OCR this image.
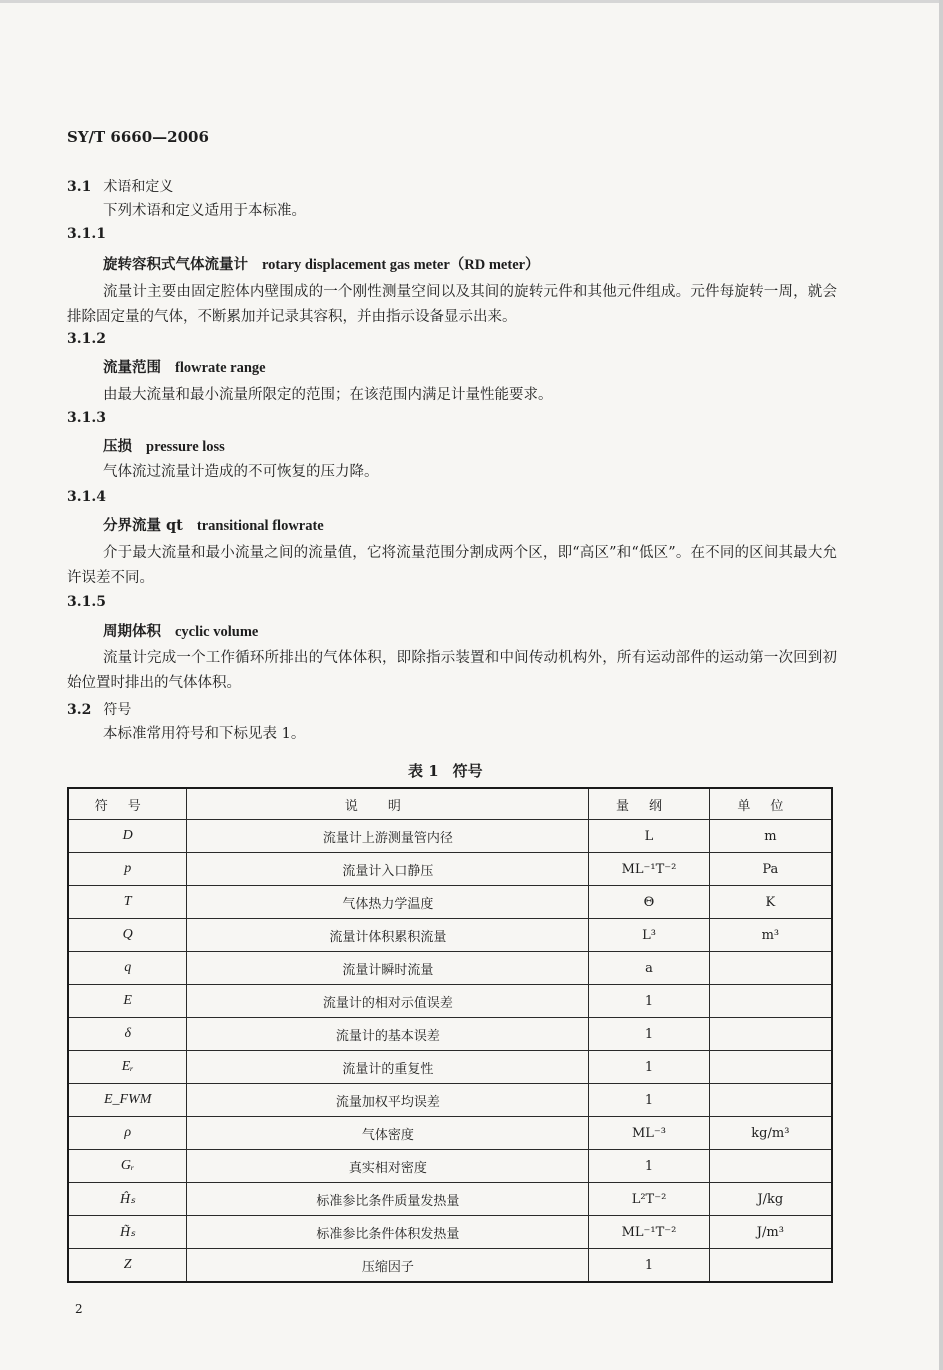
SY/T 6660—2006
3.1 术语和定义
下列术语和定义适用于本标准。
3.1.1
旋转容积式气体流量计 rotary displacement gas meter（RD meter）
流量计主要由固定腔体内壁围成的一个刚性测量空间以及其间的旋转元件和其他元件组成。元件每旋转一周，就会排除固定量的气体，不断累加并记录其容积，并由指示设备显示出来。
3.1.2
流量范围 flowrate range
由最大流量和最小流量所限定的范围；在该范围内满足计量性能要求。
3.1.3
压损 pressure loss
气体流过流量计造成的不可恢复的压力降。
3.1.4
分界流量 qt transitional flowrate
介于最大流量和最小流量之间的流量值，它将流量范围分割成两个区，即“高区”和“低区”。在不同的区间其最大允许误差不同。
3.1.5
周期体积 cyclic volume
流量计完成一个工作循环所排出的气体体积，即除指示装置和中间传动机构外，所有运动部件的运动第一次回到初始位置时排出的气体体积。
3.2 符号
本标准常用符号和下标见表 1。
表 1 符号
符号	说明	量纲	单位
D	流量计上游测量管内径	L	m
p	流量计入口静压	ML⁻¹T⁻²	Pa
T	气体热力学温度	Θ	K
Q	流量计体积累积流量	L³	m³
q	流量计瞬时流量	a	
E	流量计的相对示值误差	1	
δ	流量计的基本误差	1	
Eᵣ	流量计的重复性	1	
E_FWM	流量加权平均误差	1	
ρ	气体密度	ML⁻³	kg/m³
Gᵣ	真实相对密度	1	
Ĥₛ	标准参比条件质量发热量	L²T⁻²	J/kg
H̃ₛ	标准参比条件体积发热量	ML⁻¹T⁻²	J/m³
Z	压缩因子	1	
2
